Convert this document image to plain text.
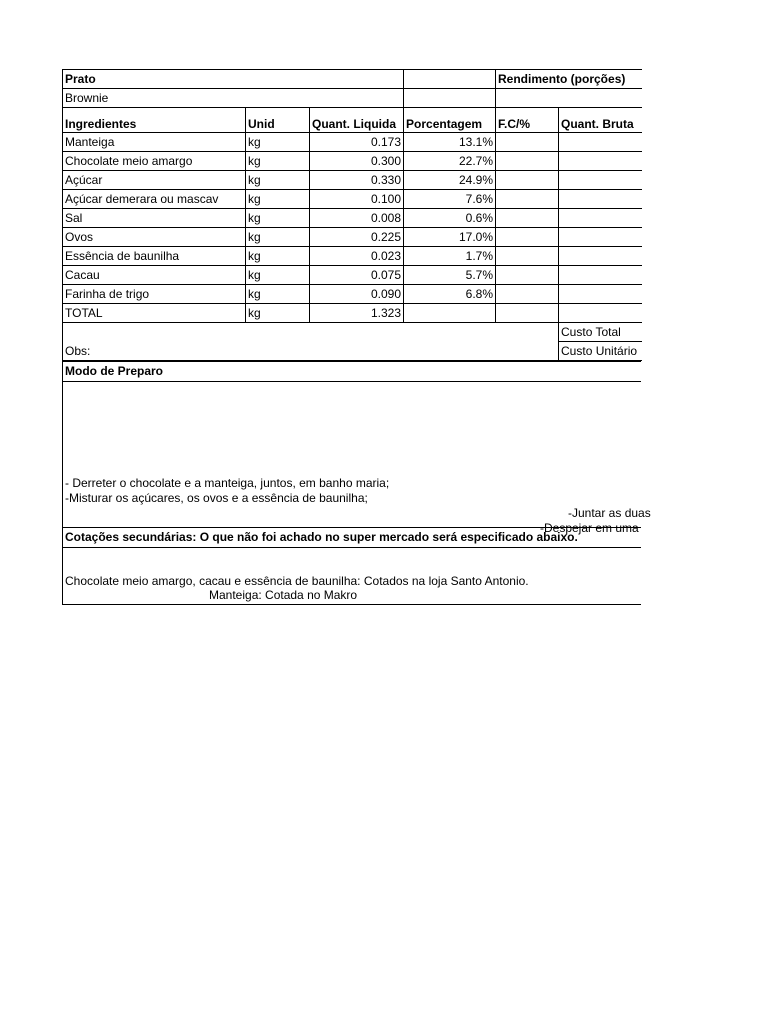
Prato				Rendimento (porções)	
Brownie					
Ingredientes	Unid	Quant. Liquida	Porcentagem	F.C/%	Quant. Bruta
Manteiga	kg	0.173	13.1%		
Chocolate meio amargo	kg	0.300	22.7%		
Açúcar	kg	0.330	24.9%		
Açúcar demerara ou mascav	kg	0.100	7.6%		
Sal	kg	0.008	0.6%		
Ovos	kg	0.225	17.0%		
Essência de baunilha	kg	0.023	1.7%		
Cacau	kg	0.075	5.7%		
Farinha de trigo	kg	0.090	6.8%		
TOTAL	kg	1.323			
					Custo Total
Obs:					Custo Unitário
Modo de Preparo
- Derreter o chocolate e a manteiga, juntos, em banho maria;
-Misturar os açúcares, os ovos e a essência de baunilha;
-Juntar as duas
-Despejar em uma
Cotações secundárias: O que não foi achado no super mercado será especificado abaixo.
Chocolate meio amargo, cacau e essência de baunilha: Cotados na loja Santo Antonio.
Manteiga: Cotada no Makro
